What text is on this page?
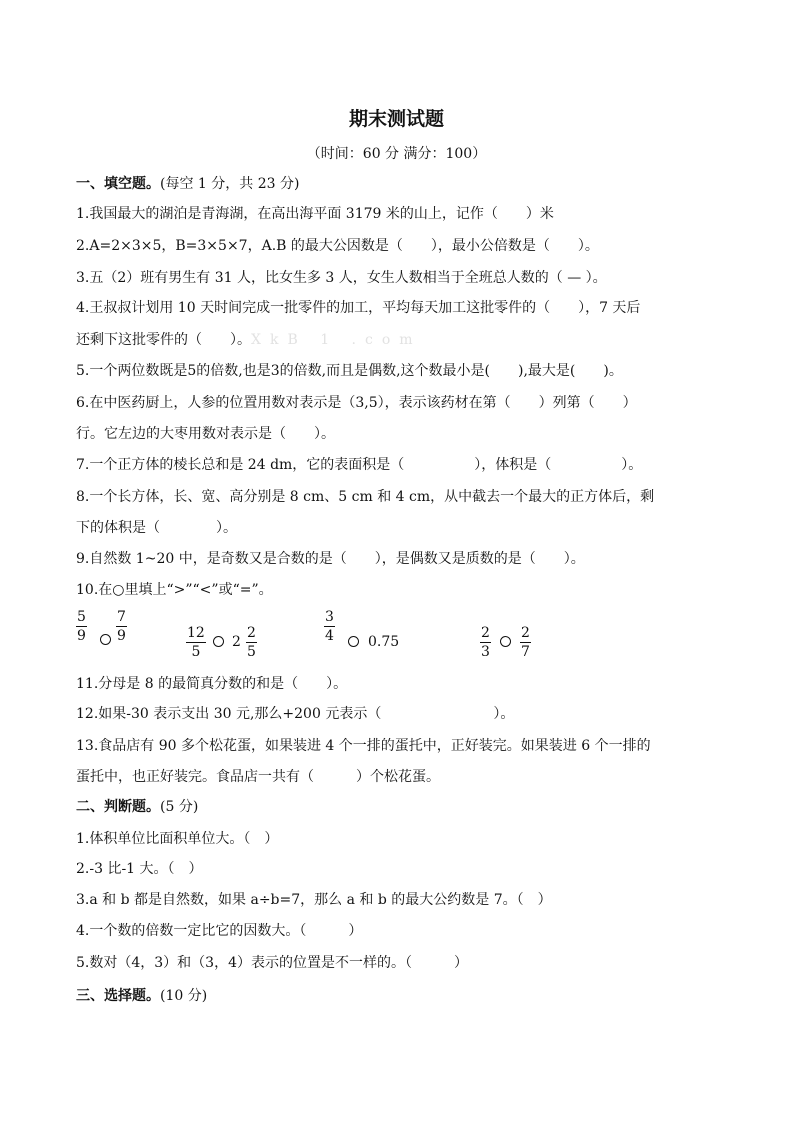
期末测试题
（时间：60 分 满分：100）
一、填空题。(每空 1 分，共 23 分)
1.我国最大的湖泊是青海湖，在高出海平面 3179 米的山上，记作（　　）米
2.A=2×3×5，B=3×5×7，A.B 的最大公因数是（　　），最小公倍数是（　　）。
3.五（2）班有男生有 31 人，比女生多 3 人，女生人数相当于全班总人数的（ — ）。
4.王叔叔计划用 10 天时间完成一批零件的加工，平均每天加工这批零件的（　　），7 天后
还剩下这批零件的（　　）。XkB 1 .com
5.一个两位数既是5的倍数,也是3的倍数,而且是偶数,这个数最小是(　　),最大是(　　)。
6.在中医药厨上，人参的位置用数对表示是（3,5），表示该药材在第（　　）列第（　　）
行。它左边的大枣用数对表示是（　　）。
7.一个正方体的棱长总和是 24 dm，它的表面积是（　　　　　），体积是（　　　　　）。
8.一个长方体，长、宽、高分别是 8 cm、5 cm 和 4 cm，从中截去一个最大的正方体后，剩
下的体积是（　　　　）。
9.自然数 1~20 中，是奇数又是合数的是（　　），是偶数又是质数的是（　　）。
10.在○里填上“>”“<”或“=”。
$\frac{5}{9} \frac{7}{9}$	$\frac{12}{5} 2 \frac{2}{5}$	$\frac{3}{4} 0.75$	$\frac{2}{3} \frac{2}{7}$
11.分母是 8 的最简真分数的和是（　　）。
12.如果-30 表示支出 30 元,那么+200 元表示（　　　　　　　　）。
13.食品店有 90 多个松花蛋，如果装进 4 个一排的蛋托中，正好装完。如果装进 6 个一排的
蛋托中，也正好装完。食品店一共有（　　　）个松花蛋。
二、判断题。(5 分)
1.体积单位比面积单位大。（　）
2.-3 比-1 大。（　）
3.a 和 b 都是自然数，如果 a÷b=7，那么 a 和 b 的最大公约数是 7。（　）
4.一个数的倍数一定比它的因数大。（　　　）
5.数对（4，3）和（3，4）表示的位置是不一样的。（　　　）
三、选择题。(10 分)
